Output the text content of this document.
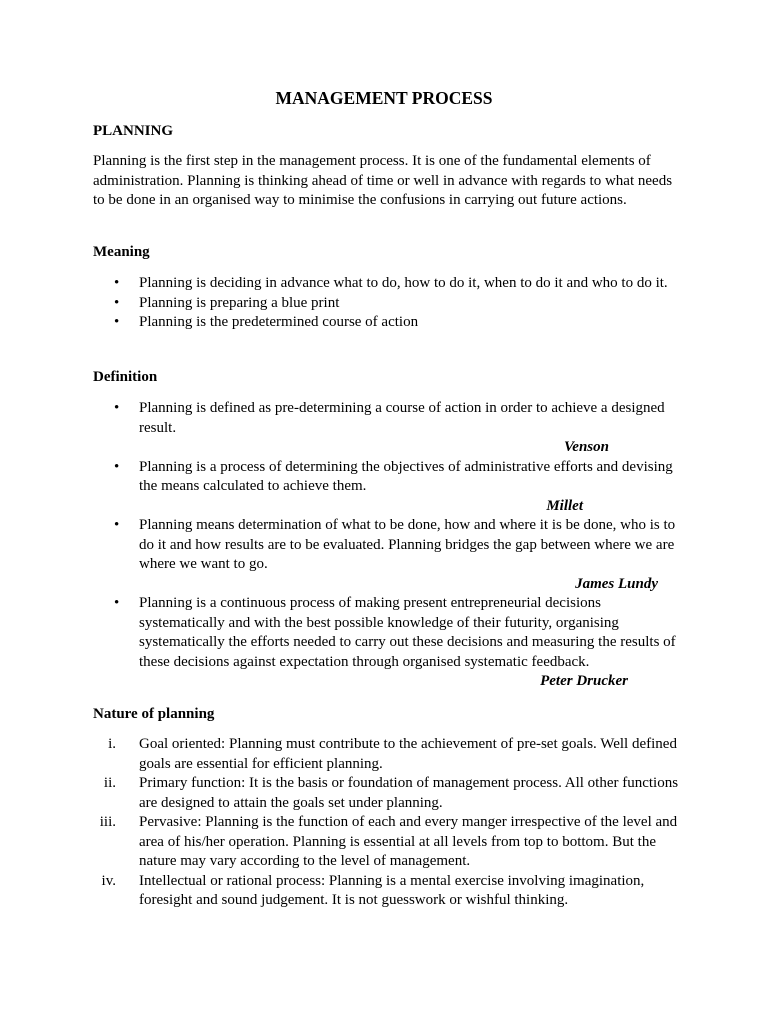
MANAGEMENT PROCESS
PLANNING
Planning is the first step in the management process. It is one of the fundamental elements of administration. Planning is thinking ahead of time or well in advance with regards to what needs to be done in an organised way to minimise the confusions in carrying out future actions.
Meaning
• Planning is deciding in advance what to do, how to do it, when to do it and who to do it.
• Planning is preparing a blue print
• Planning is the predetermined course of action
Definition
• Planning is defined as pre-determining a course of action in order to achieve a designed result.
Venson
• Planning is a process of determining the objectives of administrative efforts and devising the means calculated to achieve them.
Millet
• Planning means determination of what to be done, how and where it is be done, who is to do it and how results are to be evaluated. Planning bridges the gap between where we are where we want to go.
James Lundy
• Planning is a continuous process of making present entrepreneurial decisions systematically and with the best possible knowledge of their futurity, organising systematically the efforts needed to carry out these decisions and measuring the results of these decisions against expectation through organised systematic feedback.
Peter Drucker
Nature of planning
i. Goal oriented: Planning must contribute to the achievement of pre-set goals. Well defined goals are essential for efficient planning.
ii. Primary function: It is the basis or foundation of management process. All other functions are designed to attain the goals set under planning.
iii. Pervasive: Planning is the function of each and every manger irrespective of the level and area of his/her operation. Planning is essential at all levels from top to bottom. But the nature may vary according to the level of management.
iv. Intellectual or rational process: Planning is a mental exercise involving imagination, foresight and sound judgement. It is not guesswork or wishful thinking.
